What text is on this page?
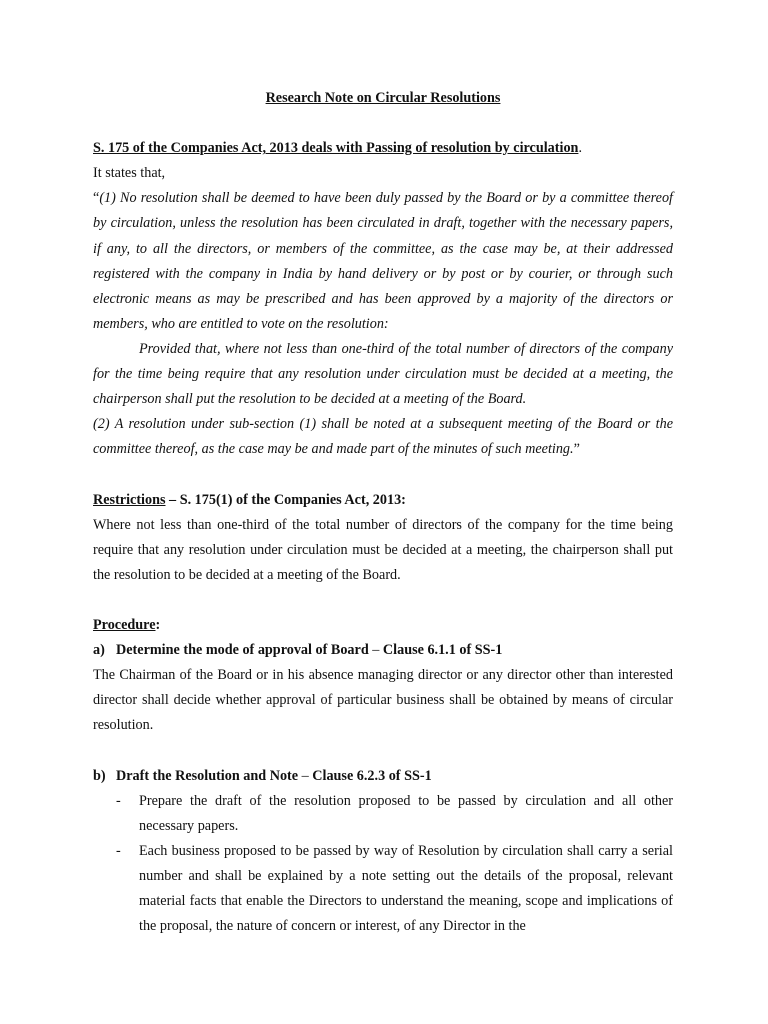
Research Note on Circular Resolutions

S. 175 of the Companies Act, 2013 deals with Passing of resolution by circulation.

It states that,

“(1) No resolution shall be deemed to have been duly passed by the Board or by a committee thereof by circulation, unless the resolution has been circulated in draft, together with the necessary papers, if any, to all the directors, or members of the committee, as the case may be, at their addressed registered with the company in India by hand delivery or by post or by courier, or through such electronic means as may be prescribed and has been approved by a majority of the directors or members, who are entitled to vote on the resolution:

Provided that, where not less than one-third of the total number of directors of the company for the time being require that any resolution under circulation must be decided at a meeting, the chairperson shall put the resolution to be decided at a meeting of the Board.

(2) A resolution under sub-section (1) shall be noted at a subsequent meeting of the Board or the committee thereof, as the case may be and made part of the minutes of such meeting.”

Restrictions – S. 175(1) of the Companies Act, 2013:

Where not less than one-third of the total number of directors of the company for the time being require that any resolution under circulation must be decided at a meeting, the chairperson shall put the resolution to be decided at a meeting of the Board.

Procedure:

a) Determine the mode of approval of Board – Clause 6.1.1 of SS-1

The Chairman of the Board or in his absence managing director or any director other than interested director shall decide whether approval of particular business shall be obtained by means of circular resolution.

b) Draft the Resolution and Note – Clause 6.2.3 of SS-1
-	Prepare the draft of the resolution proposed to be passed by circulation and all other necessary papers.
-	Each business proposed to be passed by way of Resolution by circulation shall carry a serial number and shall be explained by a note setting out the details of the proposal, relevant material facts that enable the Directors to understand the meaning, scope and implications of the proposal, the nature of concern or interest, of any Director in the
